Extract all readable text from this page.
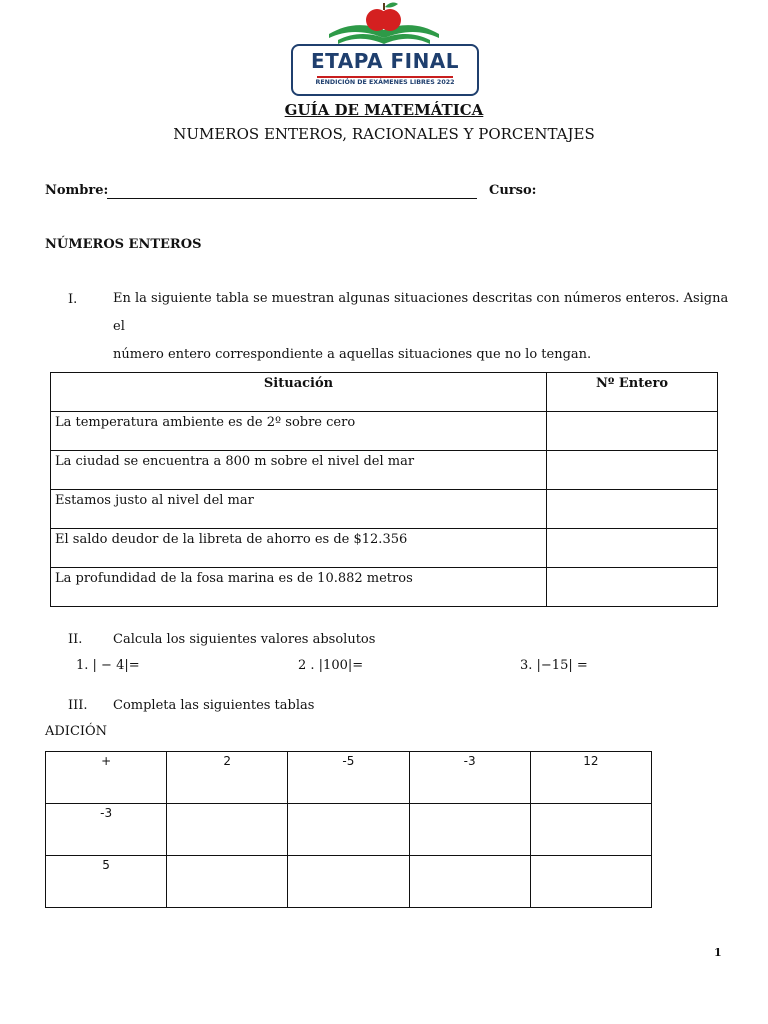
ETAPA FINAL
RENDICIÓN DE EXÁMENES LIBRES 2022
GUÍA DE MATEMÁTICA
NUMEROS ENTEROS, RACIONALES Y PORCENTAJES
Nombre:	Curso:
NÚMEROS ENTEROS
I.	En la siguiente tabla se muestran algunas situaciones descritas con números enteros. Asigna el
número entero correspondiente a aquellas situaciones que no lo tengan.
Situación	Nº Entero
La temperatura ambiente es de 2º sobre cero	
La ciudad se encuentra a 800 m sobre el nivel del mar	
Estamos justo al nivel del mar	
El saldo deudor de la libreta de ahorro es de $12.356	
La profundidad de la fosa marina es de 10.882 metros	
II. Calcula los siguientes valores absolutos
1. | − 4|=	2 . |100|=	3. |−15| =
III. Completa las siguientes tablas
ADICIÓN
+	2	-5	-3	12
-3				
5				
1
